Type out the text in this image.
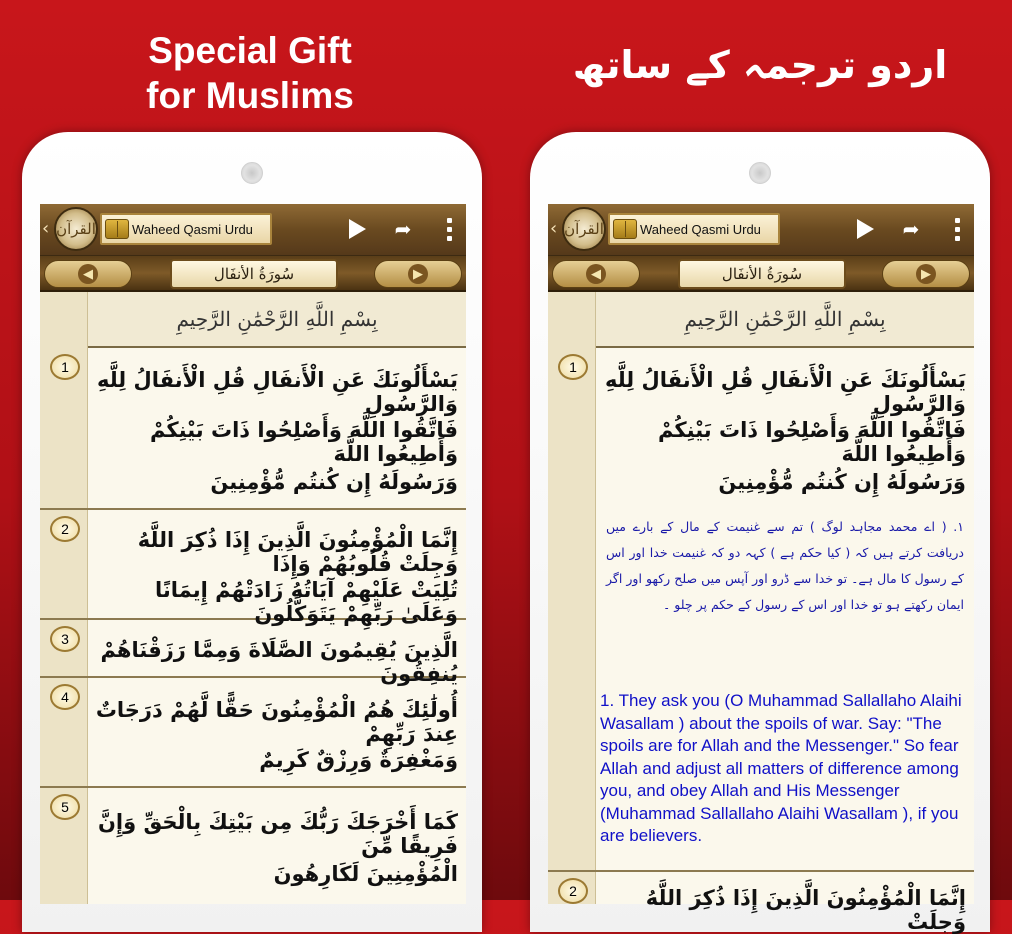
Special Gift
for Muslims
اردو ترجمہ کے ساتھ
‹ القرآن	Waheed Qasmi Urdu	➦
◀	سُورَةُ الأنفَال	▶
بِسْمِ اللَّهِ الرَّحْمَٰنِ الرَّحِيمِ
1
يَسْأَلُونَكَ عَنِ الْأَنفَالِ قُلِ الْأَنفَالُ لِلَّهِ وَالرَّسُولِ
فَاتَّقُوا اللَّهَ وَأَصْلِحُوا ذَاتَ بَيْنِكُمْ وَأَطِيعُوا اللَّهَ
وَرَسُولَهُ إِن كُنتُم مُّؤْمِنِينَ
2	إِنَّمَا الْمُؤْمِنُونَ الَّذِينَ إِذَا ذُكِرَ اللَّهُ وَجِلَتْ قُلُوبُهُمْ وَإِذَا
تُلِيَتْ عَلَيْهِمْ آيَاتُهُ زَادَتْهُمْ إِيمَانًا وَعَلَىٰ رَبِّهِمْ يَتَوَكَّلُونَ
3	الَّذِينَ يُقِيمُونَ الصَّلَاةَ وَمِمَّا رَزَقْنَاهُمْ يُنفِقُونَ
4
أُولَٰئِكَ هُمُ الْمُؤْمِنُونَ حَقًّا لَّهُمْ دَرَجَاتٌ عِندَ رَبِّهِمْ
وَمَغْفِرَةٌ وَرِزْقٌ كَرِيمٌ
5
كَمَا أَخْرَجَكَ رَبُّكَ مِن بَيْتِكَ بِالْحَقِّ وَإِنَّ فَرِيقًا مِّنَ
الْمُؤْمِنِينَ لَكَارِهُونَ
‹ القرآن	Waheed Qasmi Urdu	➦
◀	سُورَةُ الأنفَال	▶
بِسْمِ اللَّهِ الرَّحْمَٰنِ الرَّحِيمِ
1
يَسْأَلُونَكَ عَنِ الْأَنفَالِ قُلِ الْأَنفَالُ لِلَّهِ وَالرَّسُولِ
فَاتَّقُوا اللَّهَ وَأَصْلِحُوا ذَاتَ بَيْنِكُمْ وَأَطِيعُوا اللَّهَ
وَرَسُولَهُ إِن كُنتُم مُّؤْمِنِينَ
۱. ( اے محمد مجاہد لوگ ) تم سے غنیمت کے مال کے بارے میں دریافت کرتے ہیں کہ ( کیا حکم ہے ) کہہ دو کہ غنیمت خدا اور اس کے رسول کا مال ہے۔ تو خدا سے ڈرو اور آپس میں صلح رکھو اور اگر ایمان رکھتے ہو تو خدا اور اس کے رسول کے حکم پر چلو ۔
1. They ask you (O Muhammad Sallallaho Alaihi Wasallam ) about the spoils of war. Say: "The spoils are for Allah and the Messenger." So fear Allah and adjust all matters of difference among you, and obey Allah and His Messenger (Muhammad Sallallaho Alaihi Wasallam ), if you are believers.
2	إِنَّمَا الْمُؤْمِنُونَ الَّذِينَ إِذَا ذُكِرَ اللَّهُ وَجِلَتْ
